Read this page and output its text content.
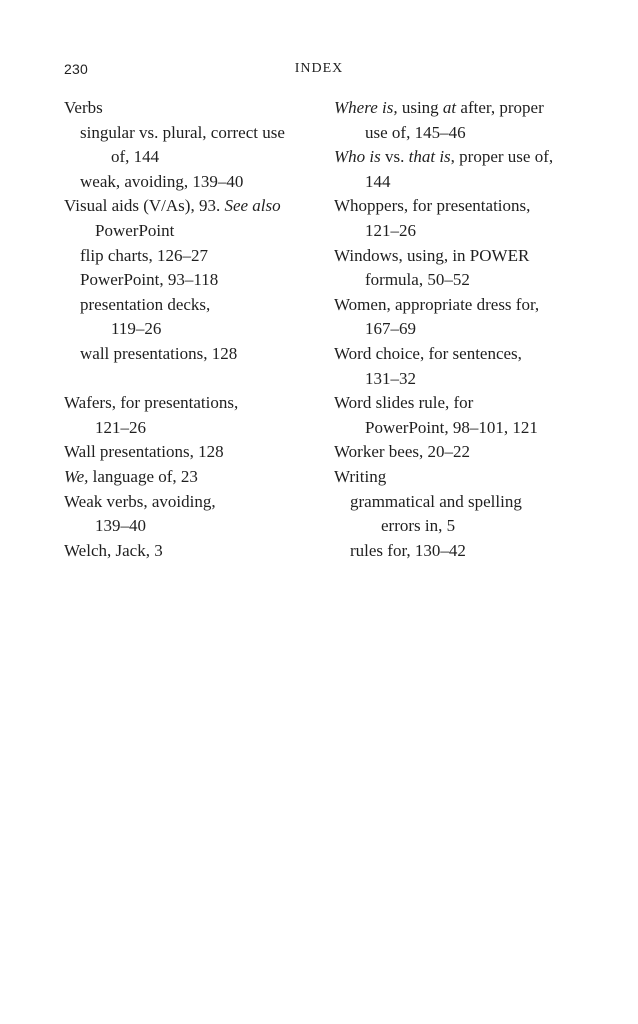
230	INDEX
Verbs
singular vs. plural, correct use
of, 144
weak, avoiding, 139–40
Visual aids (V/As), 93. See also
PowerPoint
flip charts, 126–27
PowerPoint, 93–118
presentation decks,
119–26
wall presentations, 128
Wafers, for presentations,
121–26
Wall presentations, 128
We, language of, 23
Weak verbs, avoiding,
139–40
Welch, Jack, 3
Where is, using at after, proper
use of, 145–46
Who is vs. that is, proper use of,
144
Whoppers, for presentations,
121–26
Windows, using, in POWER
formula, 50–52
Women, appropriate dress for,
167–69
Word choice, for sentences,
131–32
Word slides rule, for
PowerPoint, 98–101, 121
Worker bees, 20–22
Writing
grammatical and spelling
errors in, 5
rules for, 130–42
